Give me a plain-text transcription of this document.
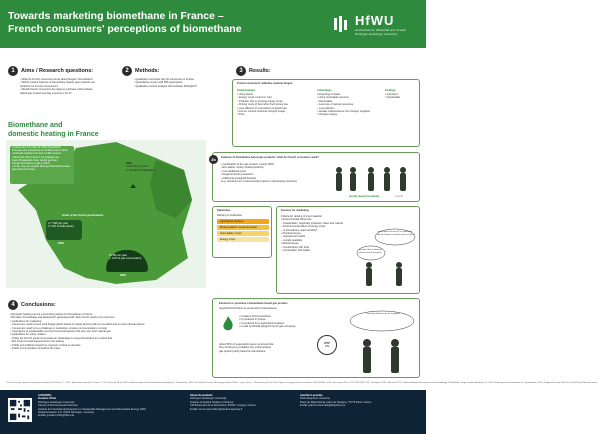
Towards marketing biomethane in France –
French consumers' perceptions of biomethane
HfWU
Hochschule für Wirtschaft und Umwelt
Nürtingen-Geislingen University
1	Aims / Research questions:
• What do French consumers know about biogas / biomethane?
• Which product features of biomethane (based gas) products are
attractive for French consumers?
• Would French consumers be ready to purchase a biomethane
based gas product and pay a premium for it?
2	Methods:
• Qualitative interviews with 20 consumers in France
• Quantitative survey with 650 participants
• Qualitative content analysis with software MAXQDA®
3	Results:
French consumers' attitudes towards biogas:
Disadvantages
• Using plants
– Energy crops / Food vs. fuel
– Pollution due to growing energy crops
– Driving costs of food when food prices rise
• Less efficient (in comparison to fossil fuel)
• Former content produces drought image
• Price
Advantages
• Recycling of waste
• Using renewable resource
– Renewable
– Less use of natural resources
– Low pollution
• Greater independence from foreign suppliers
• Cheaper energy
Findings
• Important
• Sustainable
Biomethane and
domestic heating in France
• France has more than 12 million households
in Europe with a distribution of 18 Mio hours in 2014;
• Domestic heating more than 1.5 Mio sources
• More than 40% of heat in dry buildings only
heats 25 gigawatts (many natural gas sites
through biomethane to gas in 2017)
• So far, only one supplier offering a biomethane based
gas product in France
2018
0.25 TWh per year *
(= 21 plants in operation)
Goals of the French governments
1.7 TWh per year
(= 14% of heat plants)
2023
8 TWh per year
(~ 10% of gas consumption)
2030
3b	Features of biomethane based gas products: what do French consumers want?
• Certification of the gas product: mostly 100%
• Eco-labels: mostly viewed positively
• Low additional costs
• Regional (local) production
• Additional ecological benefits
(e.g. donations for environmental projects in developing countries)
mostly viewed positively	neutral
Substrates
Ranking of substrates
Agricultural residues
Biodegradable household waste
Intermediary crops
Energy crops
Sources for marketing
Criteria for ranking of input material:
• Environmental influences
– Sustainable / regionally produced, clean and natural
– Environmental effect of energy crops
– Is biomethane used sensibly?
• Practical issues
– Operational trouble
– Locally available
• Ethical issues
– Combination with food
– Competition with fodder
I would prefer the one if I've understood like this makes me wonder what's in there!
A product that is relatively about this kind of product.
Emotions to purchase a biomethane based gas product
Hypothetical Product as presented to interviewees:
• Contains 10% biomethane
• Is produced in France
• Is produced from agricultural residues
• Is sold by ENGIE (largest French gas company)
About 50% of respondents were convinced that
they would (very probably) buy a biomethane
gas product partly based on biomethane.
WTP
1%
I would do that because it's ecological
4	Conclusions:
• Domestic heating can be a promising market for biomethane in France
• But lack of knowledge and awareness* generated with I lack of trust need to be overcome
• Implications for marketing:
– Consumers need to have local biogas plants based on waste (among with an eco-label and an extra climate feature
– Consumers need to be a challenge in marketing: emotive communication is crucial
– Importance of sustainability and environmental aspects that are more than natural gas
• Implications for policy makers:
– Today the French government plans an advantage to using biomethane as a whole fuel
– But environmental aspects tend to be lacking
– Public and political research is, however, limited so develop
– Public communication should be the basis
¹ Data of surveys, based on prevalence website and Reuters, C., 2015: Biomethane injection in France. ² 15% similar by 28 and 25% of add-ons objective for biomethane development. ³ Biomethane, 2014: Gas fields to France. Bioenergy industry Profile. ⁴ gas in focus – Observatory du Gas 2016. Types of energy used to heat boilers (2014 SDES), 2015. Gas market 22% in TCF 2016 (2015 29). ⁵ European 2016 ⁶ Mesures 2015: Content: Analysis: Accessories and methodology, Third Edition. Large, Landau, Andersen, S., 2015: Restoring of the biomethane for a biomethane (2015), Regional decision 2016, doi: Jul 2016 and Mouchet ranks
AUTHORS:
Gustavo Trifan
Nürtingen-Geislingen University
Faculty of Environmental Sciences
Institute for International Research on Sustainable Management and Renewable Energy (ISR)
Schelmenwasen 4-8, 72622 Nürtingen, Germany
E-Mail: gustavo.trifan@hfwu.de
Simon Kosmehlen
Nürtingen-Geislingen University
Institute of Applied Studies of Science
218 Boulevard de la Recherche, 87090, Limoges, France
E-Mail: simon.kosmehlen@student.agrosup.fr
Joachim Lacombe
Paris Dauphine University
Place du Maréchal de Lattre de Tassigny, 75775 Paris, France
E-Mail: joachim.lacombe@dauphine.eu
